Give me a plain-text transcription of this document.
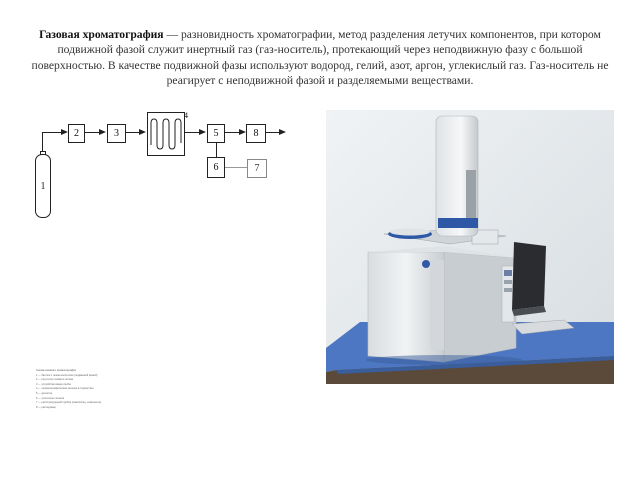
Газовая хроматография — разновидность хроматографии, метод разделения летучих компонентов, при котором подвижной фазой служит инертный газ (газ-носитель), протекающий через неподвижную фазу с большой поверхностью. В качестве подвижной фазы используют водород, гелий, азот, аргон, углекислый газ. Газ-носитель не реагирует с неподвижной фазой и разделяемыми веществами.
1
2	3
4
5	8
6	7
Схема газового хроматографа:
1 — баллон с газом-носителем (подвижной фазой)
2 — регулятор газового потока
3 — устройство ввода пробы
4 — хроматографическая колонка в термостате
5 — детектор
6 — усилитель сигнала
7 — регистрирующий прибор (самописец, компьютер)
8 — расходомер
